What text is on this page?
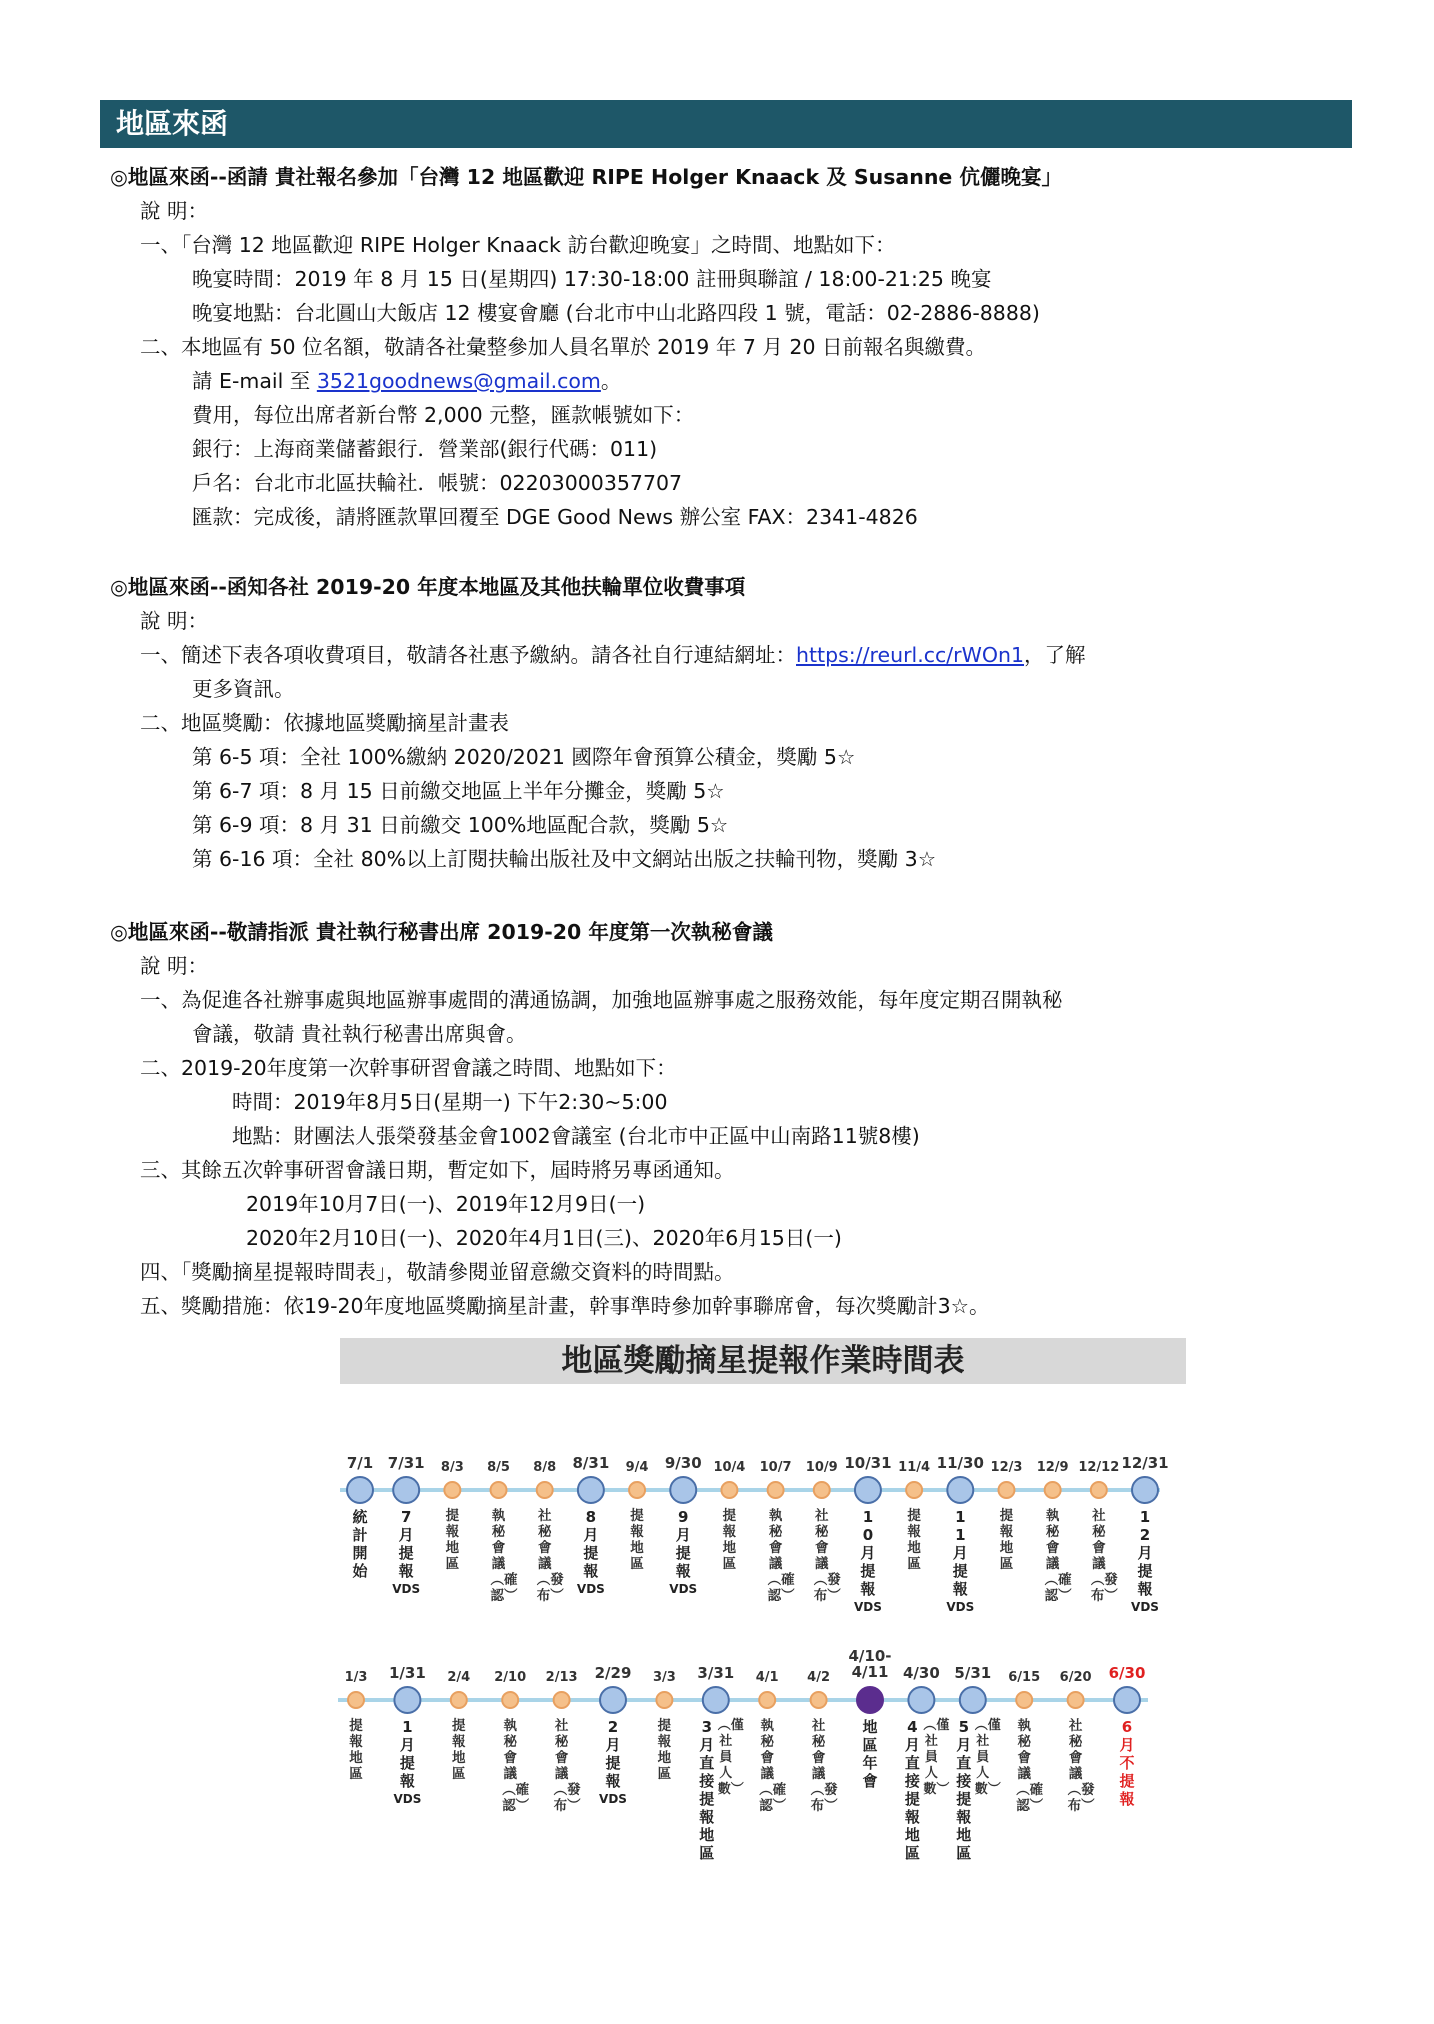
地區來函
◎地區來函--函請 貴社報名參加「台灣 12 地區歡迎 RIPE Holger Knaack 及 Susanne 伉儷晚宴」
說 明：
一、「台灣 12 地區歡迎 RIPE Holger Knaack 訪台歡迎晚宴」之時間、地點如下：
晚宴時間：2019 年 8 月 15 日(星期四) 17:30-18:00 註冊與聯誼 / 18:00-21:25 晚宴
晚宴地點：台北圓山大飯店 12 樓宴會廳 (台北市中山北路四段 1 號，電話：02-2886-8888)
二、本地區有 50 位名額，敬請各社彙整參加人員名單於 2019 年 7 月 20 日前報名與繳費。
請 E-mail 至 3521goodnews@gmail.com。
費用，每位出席者新台幣 2,000 元整，匯款帳號如下：
銀行：上海商業儲蓄銀行．營業部(銀行代碼：011)
戶名：台北市北區扶輪社．帳號：02203000357707
匯款：完成後，請將匯款單回覆至 DGE Good News 辦公室 FAX：2341-4826
◎地區來函--函知各社 2019-20 年度本地區及其他扶輪單位收費事項
說 明：
一、簡述下表各項收費項目，敬請各社惠予繳納。請各社自行連結網址：https://reurl.cc/rWOn1，了解
更多資訊。
二、地區獎勵：依據地區獎勵摘星計畫表
第 6-5 項：全社 100%繳納 2020/2021 國際年會預算公積金，獎勵 5☆
第 6-7 項：8 月 15 日前繳交地區上半年分攤金，獎勵 5☆
第 6-9 項：8 月 31 日前繳交 100%地區配合款，獎勵 5☆
第 6-16 項：全社 80%以上訂閱扶輪出版社及中文網站出版之扶輪刊物，獎勵 3☆
◎地區來函--敬請指派 貴社執行秘書出席 2019-20 年度第一次執秘會議
說 明：
一、為促進各社辦事處與地區辦事處間的溝通協調，加強地區辦事處之服務效能，每年度定期召開執秘
會議，敬請 貴社執行秘書出席與會。
二、2019-20年度第一次幹事研習會議之時間、地點如下：
時間：2019年8月5日(星期一) 下午2:30~5:00
地點：財團法人張榮發基金會1002會議室 (台北市中正區中山南路11號8樓)
三、其餘五次幹事研習會議日期，暫定如下，屆時將另專函通知。
2019年10月7日(一)、2019年12月9日(一)
2020年2月10日(一)、2020年4月1日(三)、2020年6月15日(一)
四、「獎勵摘星提報時間表」，敬請參閱並留意繳交資料的時間點。
五、獎勵措施：依19-20年度地區獎勵摘星計畫，幹事準時參加幹事聯席會，每次獎勵計3☆。
地區獎勵摘星提報作業時間表
7/1
統計開始
7/31
7月提報
VDS
8/3
提報地區
8/5
執秘會議︵確認︶
8/8
社秘會議︵發布︶
8/31
8月提報
VDS
9/4
提報地區
9/30
9月提報
VDS
10/4
提報地區
10/7
執秘會議︵確認︶
10/9
社秘會議︵發布︶
10/31
10月提報
VDS
11/4
提報地區
11/30
11月提報
VDS
12/3
提報地區
12/9
執秘會議︵確認︶
12/12
社秘會議︵發布︶
12/31
12月提報
VDS
1/3
提報地區
1/31
1月提報
VDS
2/4
提報地區
2/10
執秘會議︵確認︶
2/13
社秘會議︵發布︶
2/29
2月提報
VDS
3/3
提報地區
3/31
︵僅社員人數︶
3月直接提報地區
4/1
執秘會議︵確認︶
4/2
社秘會議︵發布︶
4/10-4/11
地區年會
4/30
︵僅社員人數︶
4月直接提報地區
5/31
︵僅社員人數︶
5月直接提報地區
6/15
執秘會議︵確認︶
6/20
社秘會議︵發布︶
6/30
6月不提報
